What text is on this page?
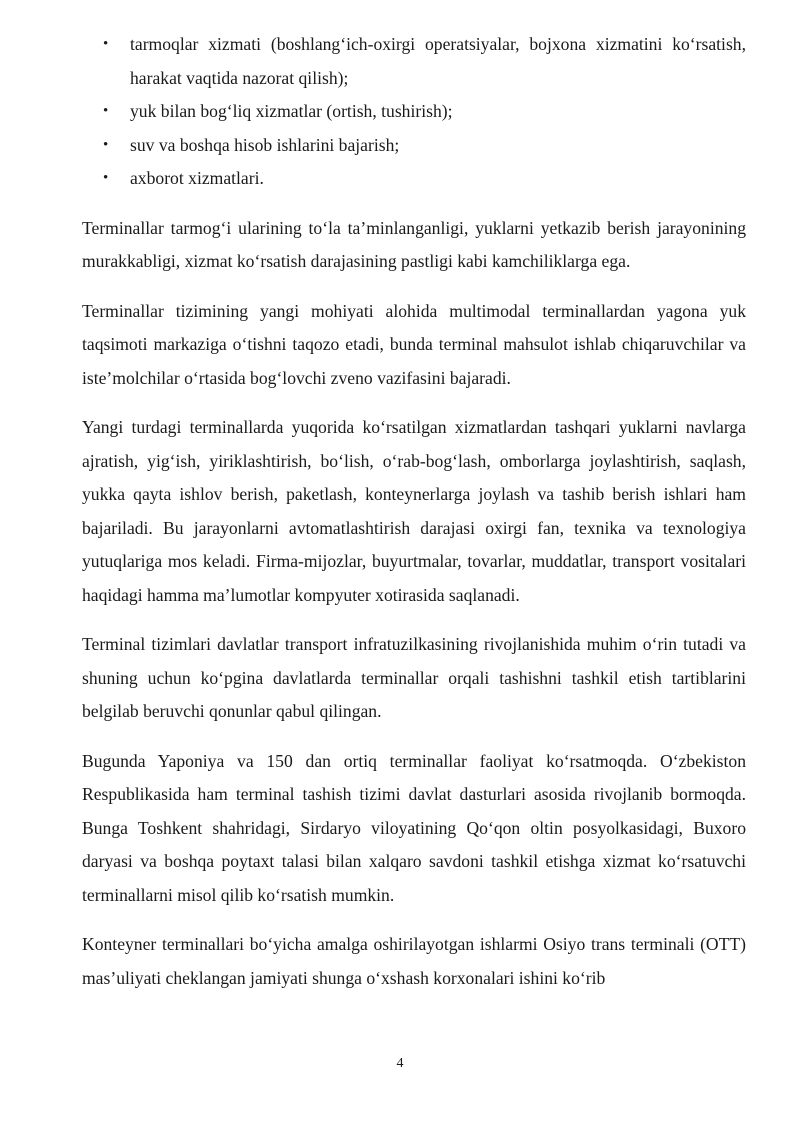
• tarmoqlar xizmati (boshlang‘ich-oxirgi operatsiyalar, bojxona xizmatini ko‘rsatish, harakat vaqtida nazorat qilish);
• yuk bilan bog‘liq xizmatlar (ortish, tushirish);
• suv va boshqa hisob ishlarini bajarish;
• axborot xizmatlari.

Terminallar tarmog‘i ularining to‘la ta’minlanganligi, yuklarni yetkazib berish jarayonining murakkabligi, xizmat ko‘rsatish darajasining pastligi kabi kamchiliklarga ega.

Terminallar tizimining yangi mohiyati alohida multimodal terminallardan yagona yuk taqsimoti markaziga o‘tishni taqozo etadi, bunda terminal mahsulot ishlab chiqaruvchilar va iste’molchilar o‘rtasida bog‘lovchi zveno vazifasini bajaradi.

Yangi turdagi terminallarda yuqorida ko‘rsatilgan xizmatlardan tashqari yuklarni navlarga ajratish, yig‘ish, yiriklashtirish, bo‘lish, o‘rab-bog‘lash, omborlarga joylashtirish, saqlash, yukka qayta ishlov berish, paketlash, konteynerlarga joylash va tashib berish ishlari ham bajariladi. Bu jarayonlarni avtomatlashtirish darajasi oxirgi fan, texnika va texnologiya yutuqlariga mos keladi. Firma-mijozlar, buyurtmalar, tovarlar, muddatlar, transport vositalari haqidagi hamma ma’lumotlar kompyuter xotirasida saqlanadi.

Terminal tizimlari davlatlar transport infratuzilkasining rivojlanishida muhim o‘rin tutadi va shuning uchun ko‘pgina davlatlarda terminallar orqali tashishni tashkil etish tartiblarini belgilab beruvchi qonunlar qabul qilingan.

Bugunda Yaponiya va 150 dan ortiq terminallar faoliyat ko‘rsatmoqda. O‘zbekiston Respublikasida ham terminal tashish tizimi davlat dasturlari asosida rivojlanib bormoqda. Bunga Toshkent shahridagi, Sirdaryo viloyatining Qo‘qon oltin posyolkasidagi, Buxoro daryasi va boshqa poytaxt talasi bilan xalqaro savdoni tashkil etishga xizmat ko‘rsatuvchi terminallarni misol qilib ko‘rsatish mumkin.

Konteyner terminallari bo‘yicha amalga oshirilayotgan ishlarmi Osiyo trans terminali (OTT) mas’uliyati cheklangan jamiyati shunga o‘xshash korxonalari ishini ko‘rib

4
